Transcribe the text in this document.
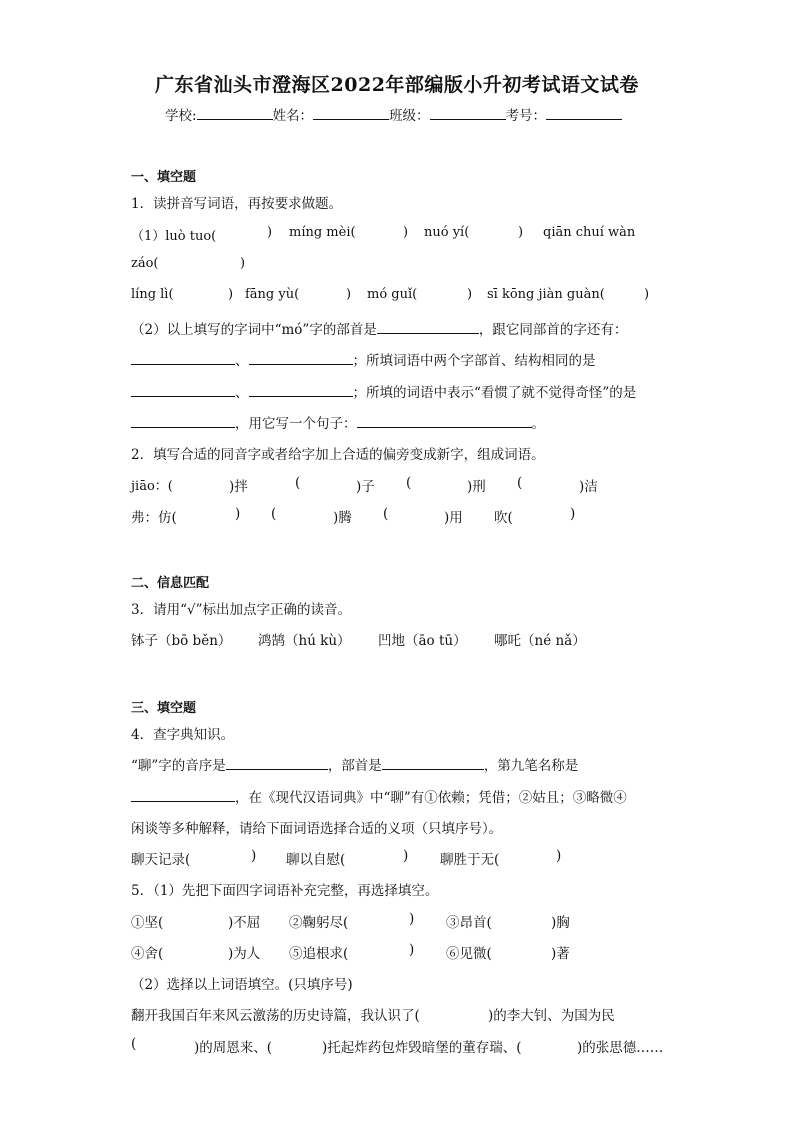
广东省汕头市澄海区2022年部编版小升初考试语文试卷
学校:	姓名：	班级：	考号：
一、填空题
1．读拼音写词语，再按要求做题。
（1）luò tuo(	) míng mèi(	) nuó yí(	) qiān chuí wàn
záo(	)
líng lì(	) fāng yù(	) mó guǐ(	) sī kōng jiàn guàn(	)
（2）以上填写的字词中“mó”字的部首是	，跟它同部首的字还有：
、	；所填词语中两个字部首、结构相同的是
、	；所填的词语中表示“看惯了就不觉得奇怪”的是
，用它写一个句子：	。
2．填写合适的同音字或者给字加上合适的偏旁变成新字，组成词语。
jiāo：(	)拌	(	)子 (	)刑 (	)洁
弗：仿(	) (	)腾 (	)用 吹(	)
二、信息匹配
3．请用“√”标出加点字正确的读音。
钵子（bō běn） 鸿鹄（hú kù） 凹地（āo tū） 哪吒（né nǎ）
三、填空题
4．查字典知识。
“聊”字的音序是	，部首是	，第九笔名称是
，在《现代汉语词典》中“聊”有①依赖；凭借；②姑且；③略微④
闲谈等多种解释，请给下面词语选择合适的义项（只填序号）。
聊天记录(	) 聊以自慰(	) 聊胜于无(	)
5．（1）先把下面四字词语补充完整，再选择填空。
①坚(	)不屈 ②鞠躬尽(	) ③昂首(	)胸
④舍(	)为人 ⑤追根求(	) ⑥见微(	)著
（2）选择以上词语填空。(只填序号)
翻开我国百年来风云激荡的历史诗篇，我认识了(	)的李大钊、为国为民
(	)的周恩来、(	)托起炸药包炸毁暗堡的董存瑞、(	)的张思德……
